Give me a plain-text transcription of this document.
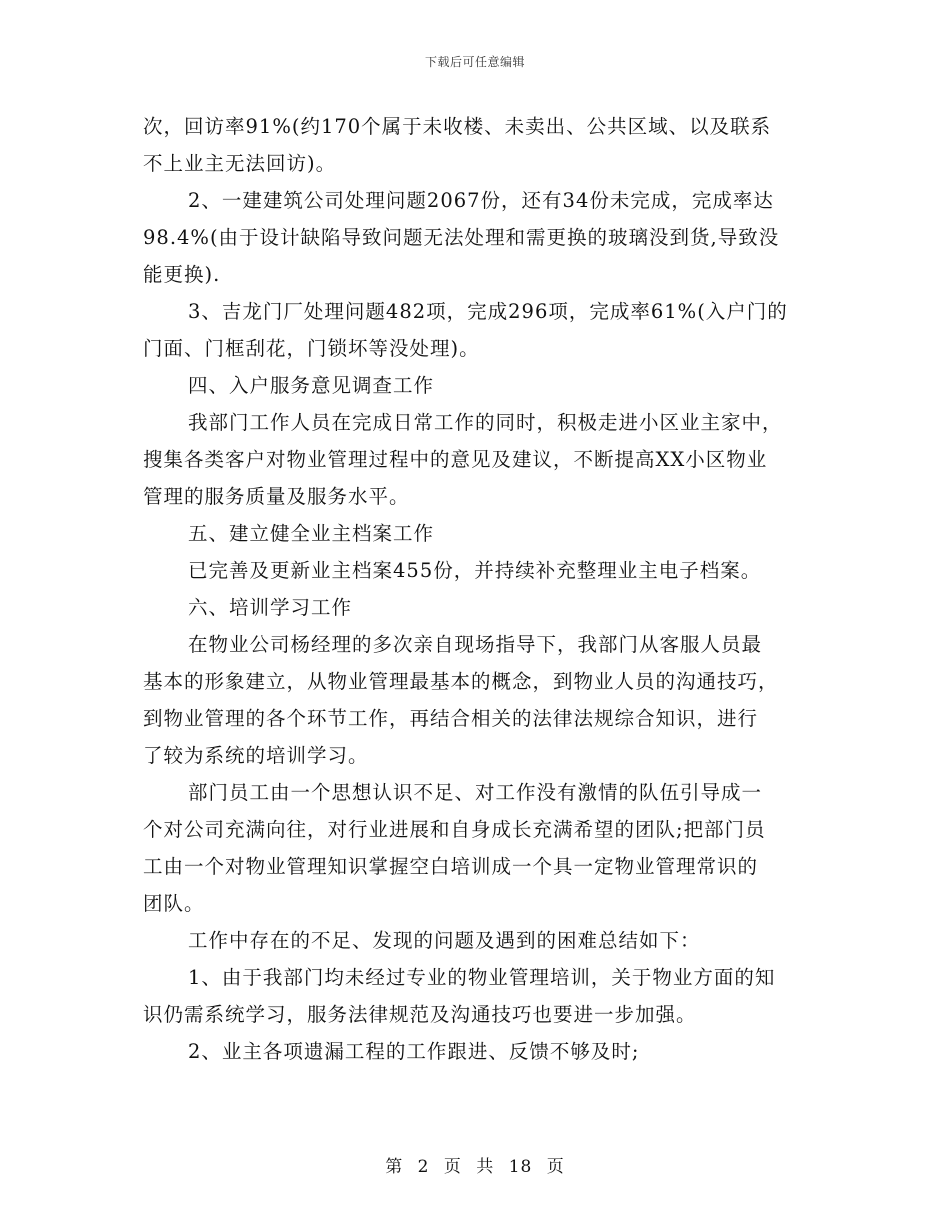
下载后可任意编辑
次，回访率91%(约170个属于未收楼、未卖出、公共区域、以及联系
不上业主无法回访)。
2、一建建筑公司处理问题2067份，还有34份未完成，完成率达
98.4%(由于设计缺陷导致问题无法处理和需更换的玻璃没到货,导致没
能更换).
3、吉龙门厂处理问题482项，完成296项，完成率61%(入户门的
门面、门框刮花，门锁坏等没处理)。
四、入户服务意见调查工作
我部门工作人员在完成日常工作的同时，积极走进小区业主家中，
搜集各类客户对物业管理过程中的意见及建议，不断提高XX小区物业
管理的服务质量及服务水平。
五、建立健全业主档案工作
已完善及更新业主档案455份，并持续补充整理业主电子档案。
六、培训学习工作
在物业公司杨经理的多次亲自现场指导下，我部门从客服人员最
基本的形象建立，从物业管理最基本的概念，到物业人员的沟通技巧，
到物业管理的各个环节工作，再结合相关的法律法规综合知识，进行
了较为系统的培训学习。
部门员工由一个思想认识不足、对工作没有激情的队伍引导成一
个对公司充满向往，对行业进展和自身成长充满希望的团队;把部门员
工由一个对物业管理知识掌握空白培训成一个具一定物业管理常识的
团队。
工作中存在的不足、发现的问题及遇到的困难总结如下：
1、由于我部门均未经过专业的物业管理培训，关于物业方面的知
识仍需系统学习，服务法律规范及沟通技巧也要进一步加强。
2、业主各项遗漏工程的工作跟进、反馈不够及时;
第 2 页 共 18 页
